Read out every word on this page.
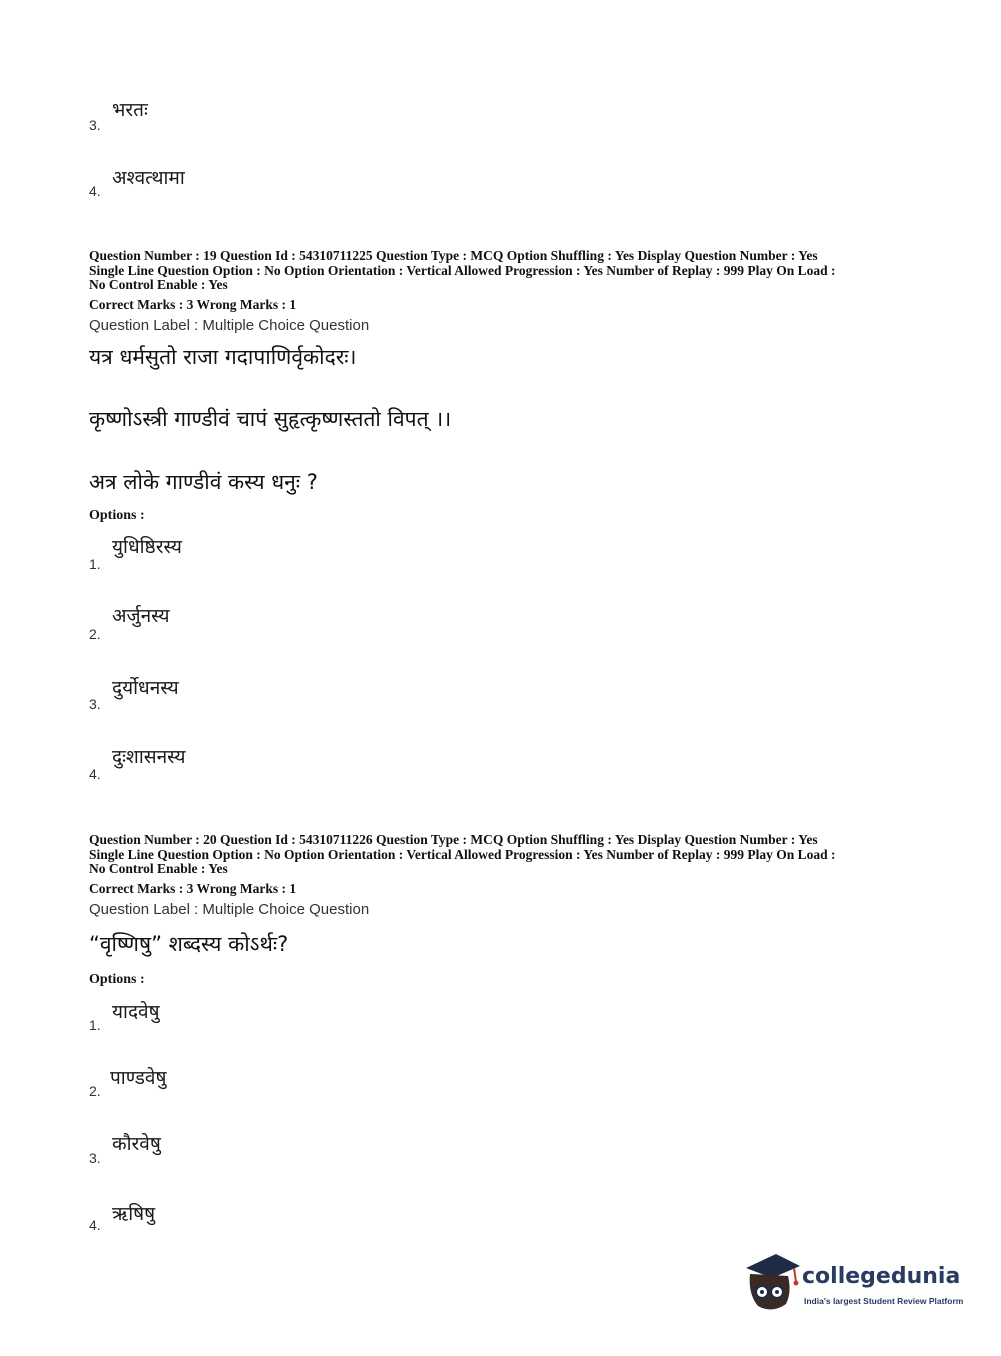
भरतः
3.
अश्वत्थामा
4.
Question Number : 19 Question Id : 54310711225 Question Type : MCQ Option Shuffling : Yes Display Question Number : Yes
Single Line Question Option : No Option Orientation : Vertical Allowed Progression : Yes Number of Replay : 999 Play On Load :
No Control Enable : Yes
Correct Marks : 3 Wrong Marks : 1
Question Label : Multiple Choice Question
यत्र धर्मसुतो राजा गदापाणिर्वृकोदरः।
कृष्णोऽस्त्री गाण्डीवं चापं सुहृत्कृष्णस्ततो विपत् ।।
अत्र लोके गाण्डीवं कस्य धनुः ?
Options :
युधिष्ठिरस्य
1.
अर्जुनस्य
2.
दुर्योधनस्य
3.
दुःशासनस्य
4.
Question Number : 20 Question Id : 54310711226 Question Type : MCQ Option Shuffling : Yes Display Question Number : Yes
Single Line Question Option : No Option Orientation : Vertical Allowed Progression : Yes Number of Replay : 999 Play On Load :
No Control Enable : Yes
Correct Marks : 3 Wrong Marks : 1
Question Label : Multiple Choice Question
“वृष्णिषु” शब्दस्य कोऽर्थः?
Options :
यादवेषु
1.
पाण्डवेषु
2.
कौरवेषु
3.
ऋषिषु
4.
collegedunia
India's largest Student Review Platform
